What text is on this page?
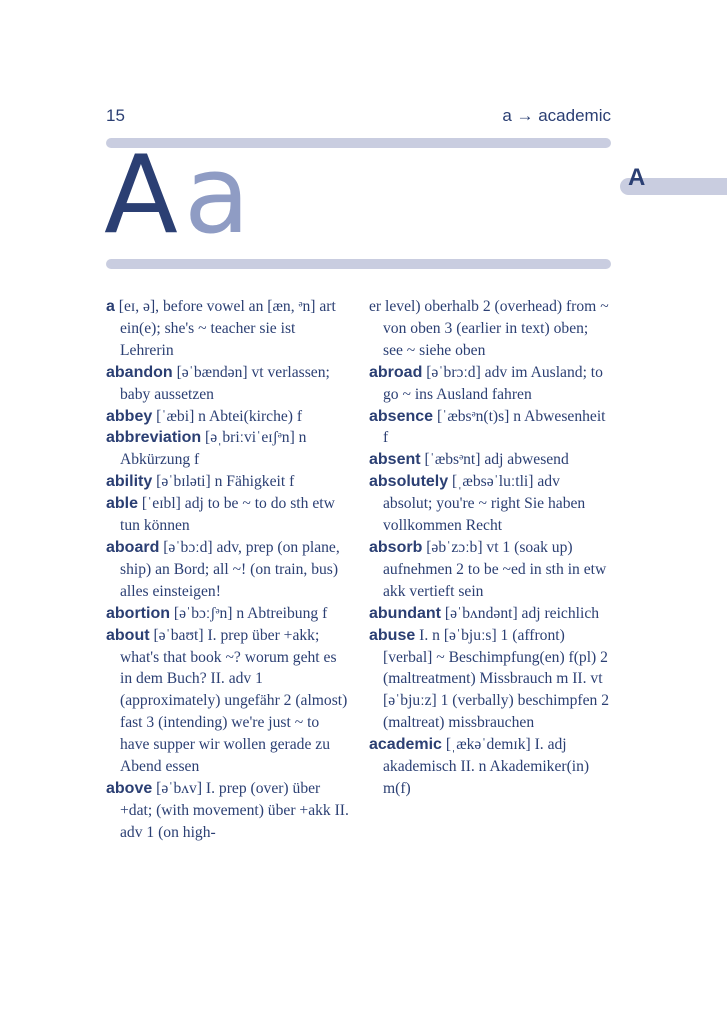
15	a → academic
A
Aa

a [eɪ, ə], before vowel an [æn, ᵊn] art ein(e); she's ~ teacher sie ist Lehrerin

abandon [əˈbændən] vt verlassen; baby aussetzen

abbey [ˈæbi] n Abtei(kirche) f

abbreviation [əˌbriːviˈeɪʃᵊn] n Abkürzung f

ability [əˈbɪləti] n Fähigkeit f

able [ˈeɪbl] adj to be ~ to do sth etw tun können

aboard [əˈbɔːd] adv, prep (on plane, ship) an Bord; all ~! (on train, bus) alles einsteigen!

abortion [əˈbɔːʃᵊn] n Abtreibung f

about [əˈbaʊt] I. prep über +akk; what's that book ~? worum geht es in dem Buch? II. adv 1 (approximately) ungefähr 2 (almost) fast 3 (intending) we're just ~ to have supper wir wollen gerade zu Abend essen

above [əˈbʌv] I. prep (over) über +dat; (with movement) über +akk II. adv 1 (on high-

er level) oberhalb 2 (overhead) from ~ von oben 3 (earlier in text) oben; see ~ siehe oben

abroad [əˈbrɔːd] adv im Ausland; to go ~ ins Ausland fahren

absence [ˈæbsᵊn(t)s] n Abwesenheit f

absent [ˈæbsᵊnt] adj abwesend

absolutely [ˌæbsəˈluːtli] adv absolut; you're ~ right Sie haben vollkommen Recht

absorb [əbˈzɔːb] vt 1 (soak up) aufnehmen 2 to be ~ed in sth in etw akk vertieft sein

abundant [əˈbʌndənt] adj reichlich

abuse I. n [əˈbjuːs] 1 (affront) [verbal] ~ Beschimpfung(en) f(pl) 2 (maltreatment) Missbrauch m II. vt [əˈbjuːz] 1 (verbally) beschimpfen 2 (maltreat) missbrauchen

academic [ˌækəˈdemɪk] I. adj akademisch II. n Akademiker(in) m(f)
